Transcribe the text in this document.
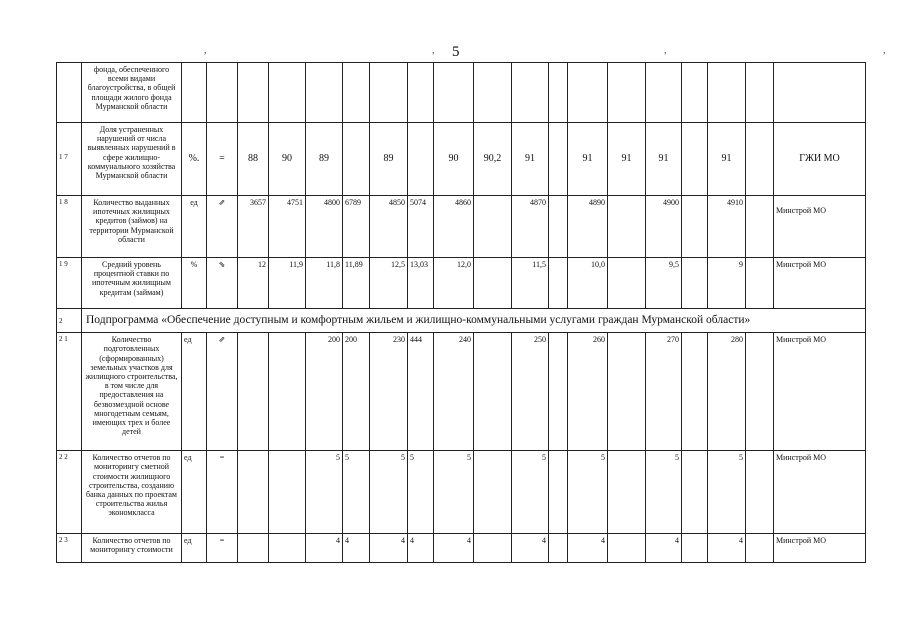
5
,	,	,	,
	фонда, обеспеченного всеми видами благоустройства, в общей площади жилого фонда Мурманской области																			
1 7	Доля устраненных нарушений от числа выявленных нарушений в сфере жилищно-коммунального хозяйства Мурманской области	%.	=	88	90	89		89		90	90,2	91		91	91	91		91		ГЖИ МО
1 8	Количество выданных ипотечных жилищных кредитов (займов) на территории Мурманской области	ед	⇗	3657	4751	4800	6789	4850	5074	4860		4870		4890		4900		4910		Минстрой МО
1 9	Средний уровень процентной ставки по ипотечным жилищным кредитам (займам)	%	⇘	12	11,9	11,8	11,89	12,5	13,03	12,0		11,5		10,0		9,5		9		Минстрой МО
2	Подпрограмма «Обеспечение доступным и комфортным жильем и жилищно-коммунальными услугами граждан Мурманской области»																			
2 1	Количество подготовленных (сформированных) земельных участков для жилищного строительства, в том числе для предоставления на безвозмездной основе многодетным семьям, имеющих трех и более детей	ед	⇗			200	200	230	444	240		250		260		270		280		Минстрой МО
2 2	Количество отчетов по мониторингу сметной стоимости жилищного строительства, созданию банка данных по проектам строительства жилья экономкласса	ед	=			5	5	5	5	5		5		5		5		5		Минстрой МО
2 3	Количество отчетов по мониторингу стоимости	ед	=			4	4	4	4	4		4		4		4		4		Минстрой МО
